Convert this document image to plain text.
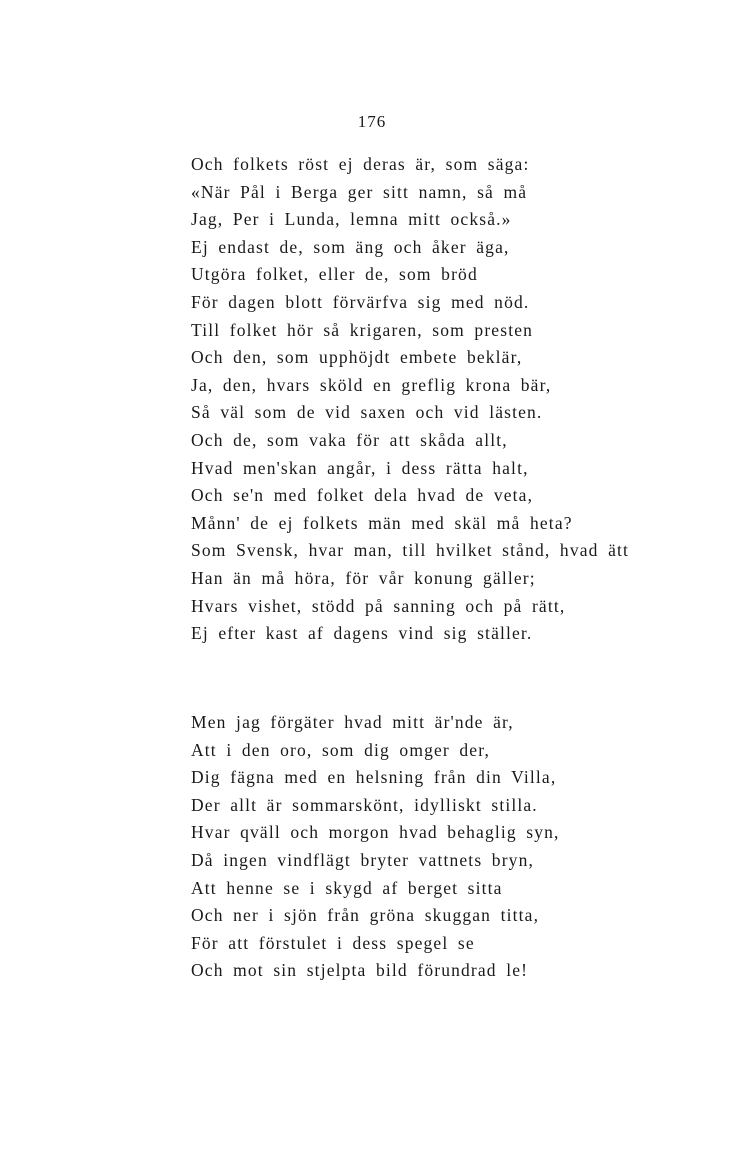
176
Och folkets röst ej deras är, som säga:
«När Pål i Berga ger sitt namn, så må
Jag, Per i Lunda, lemna mitt också.»
Ej endast de, som äng och åker äga,
Utgöra folket, eller de, som bröd
För dagen blott förvärfva sig med nöd.
Till folket hör så krigaren, som presten
Och den, som upphöjdt embete beklär,
Ja, den, hvars sköld en greflig krona bär,
Så väl som de vid saxen och vid lästen.
Och de, som vaka för att skåda allt,
Hvad men'skan angår, i dess rätta halt,
Och se'n med folket dela hvad de veta,
Månn' de ej folkets män med skäl må heta?
Som Svensk, hvar man, till hvilket stånd, hvad ätt
Han än må höra, för vår konung gäller;
Hvars vishet, stödd på sanning och på rätt,
Ej efter kast af dagens vind sig ställer.
Men jag förgäter hvad mitt är'nde är,
Att i den oro, som dig omger der,
Dig fägna med en helsning från din Villa,
Der allt är sommarskönt, idylliskt stilla.
Hvar qväll och morgon hvad behaglig syn,
Då ingen vindflägt bryter vattnets bryn,
Att henne se i skygd af berget sitta
Och ner i sjön från gröna skuggan titta,
För att förstulet i dess spegel se
Och mot sin stjelpta bild förundrad le!
